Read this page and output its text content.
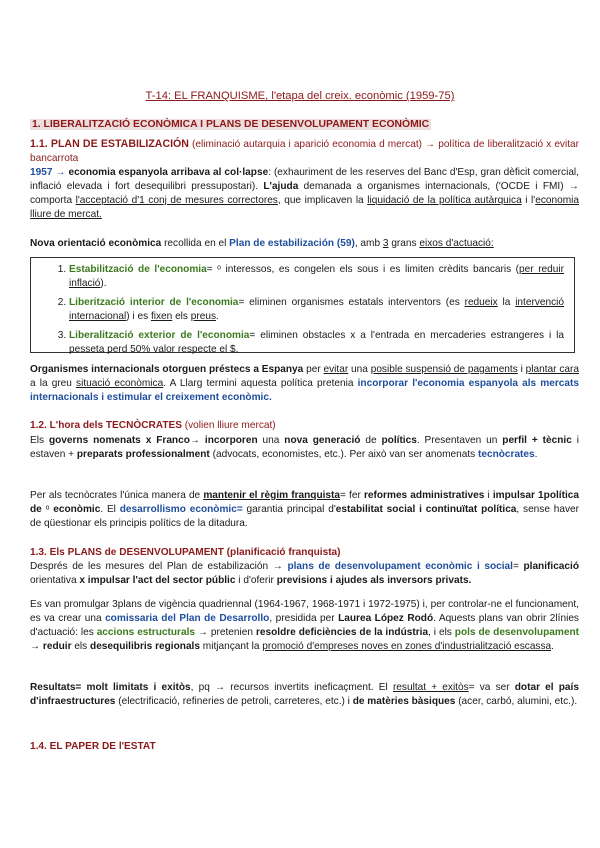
T-14: EL FRANQUISME, l'etapa del creix. econòmic (1959-75)
1. LIBERALITZACIÓ ECONÒMICA I PLANS DE DESENVOLUPAMENT ECONÒMIC
1.1. PLAN DE ESTABILIZACIÓN (eliminació autarquia i aparició economia d mercat) → política de liberalització x evitar bancarrota
1957 → economia espanyola arribava al col·lapse: (exhauriment de les reserves del Banc d'Esp, gran dèficit comercial, inflació elevada i fort desequilibri pressupostari). L'ajuda demanada a organismes internacionals, ('OCDE i FMI) → comporta l'acceptació d'1 conj de mesures correctores, que implicaven la liquidació de la política autàrquica i l'economia lliure de mercat.
Nova orientació econòmica recollida en el Plan de estabilización (59), amb 3 grans eixos d'actuació:
1. Estabilització de l'economia= ᵒ interessos, es congelen els sous i es limiten crèdits bancaris (per reduir inflació).
2. Liberització interior de l'economia= eliminen organismes estatals interventors (es redueix la intervenció internacional) i es fixen els preus.
3. Liberalització exterior de l'economia= eliminen obstacles x a l'entrada en mercaderies estrangeres i la pesseta perd 50% valor respecte el $.
Organismes internacionals otorguen préstecs a Espanya per evitar una posible suspensió de pagaments i plantar cara a la greu situació econòmica. A Llarg termini aquesta política pretenia incorporar l'economia espanyola als mercats internacionals i estimular el creixement econòmic.
1.2. L'hora dels TECNÒCRATES (volien lliure mercat)
Els governs nomenats x Franco→ incorporen una nova generació de polítics. Presentaven un perfil + tècnic i estaven + preparats professionalment (advocats, economistes, etc.). Per això van ser anomenats tecnòcrates.
Per als tecnòcrates l'única manera de mantenir el règim franquista= fer reformes administratives i impulsar 1política de ᵒ econòmic. El desarrollismo econòmic= garantia principal d'estabilitat social i continuïtat política, sense haver de qüestionar els principis polítics de la ditadura.
1.3. Els PLANS de DESENVOLUPAMENT (planificació franquista)
Després de les mesures del Plan de estabilización → plans de desenvolupament econòmic i social= planificació orientativa x impulsar l'act del sector públic i d'oferir previsions i ajudes als inversors privats.
Es van promulgar 3plans de vigència quadriennal (1964-1967, 1968-1971 i 1972-1975) i, per controlar-ne el funcionament, es va crear una comissaria del Plan de Desarrollo, presidida per Laurea López Rodó. Aquests plans van obrir 2línies d'actuació: les accions estructurals → pretenien resoldre deficiències de la indústria, i els pols de desenvolupament → reduir els desequilibris regionals mitjançant la promoció d'empreses noves en zones d'industrialització escassa.
Resultats= molt limitats i exitòs, pq → recursos invertits ineficaçment. El resultat + exitòs= va ser dotar el país d'infraestructures (electrificació, refineries de petroli, carreteres, etc.) i de matèries bàsiques (acer, carbó, alumini, etc.).
1.4. EL PAPER DE l'ESTAT
